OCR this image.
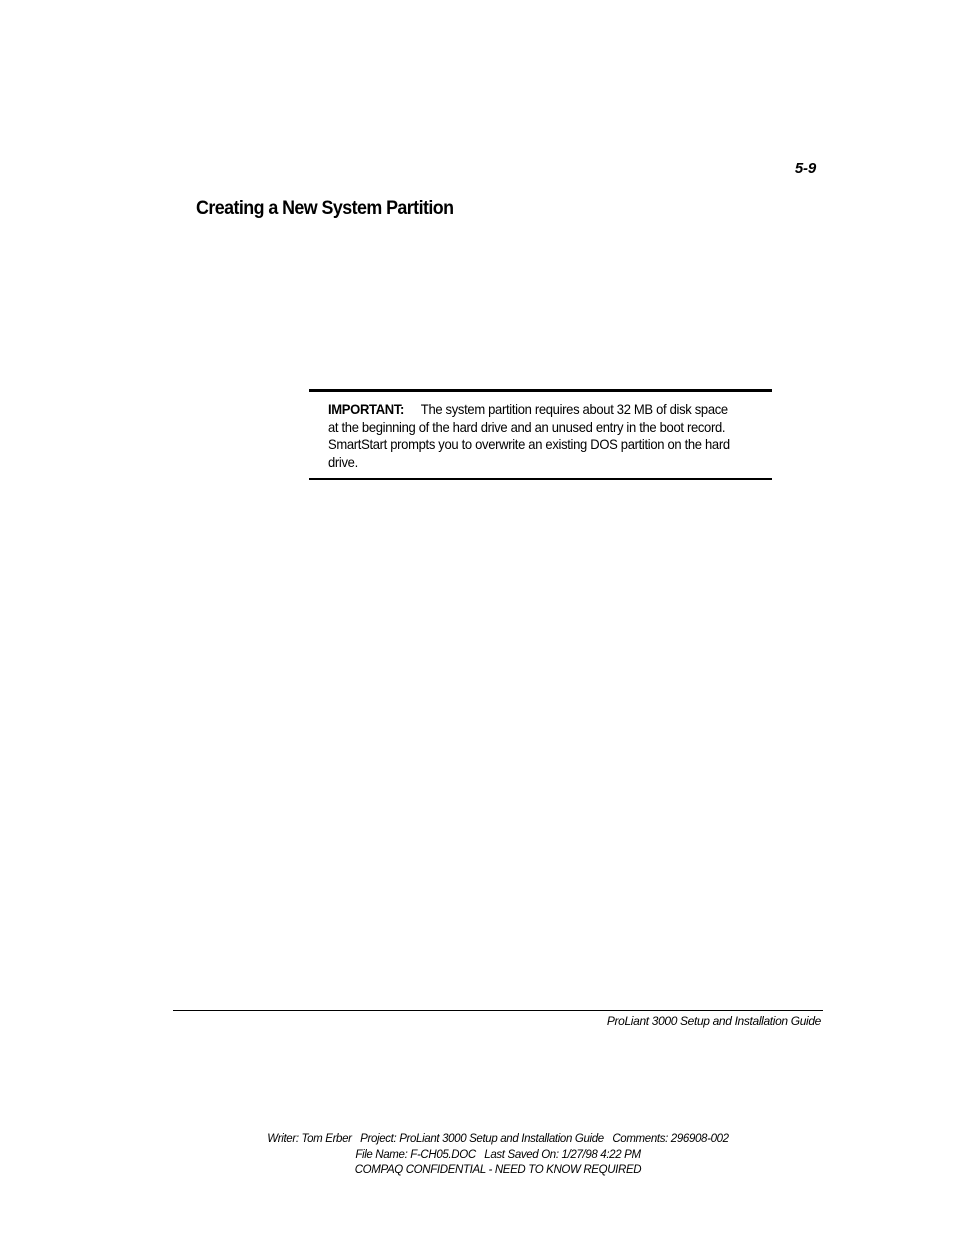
5-9
Creating a New System Partition
IMPORTANT: The system partition requires about 32 MB of disk space at the beginning of the hard drive and an unused entry in the boot record. SmartStart prompts you to overwrite an existing DOS partition on the hard drive.
ProLiant 3000 Setup and Installation Guide
Writer: Tom Erber   Project: ProLiant 3000 Setup and Installation Guide   Comments: 296908-002
File Name: F-CH05.DOC   Last Saved On: 1/27/98 4:22 PM
COMPAQ CONFIDENTIAL - NEED TO KNOW REQUIRED
